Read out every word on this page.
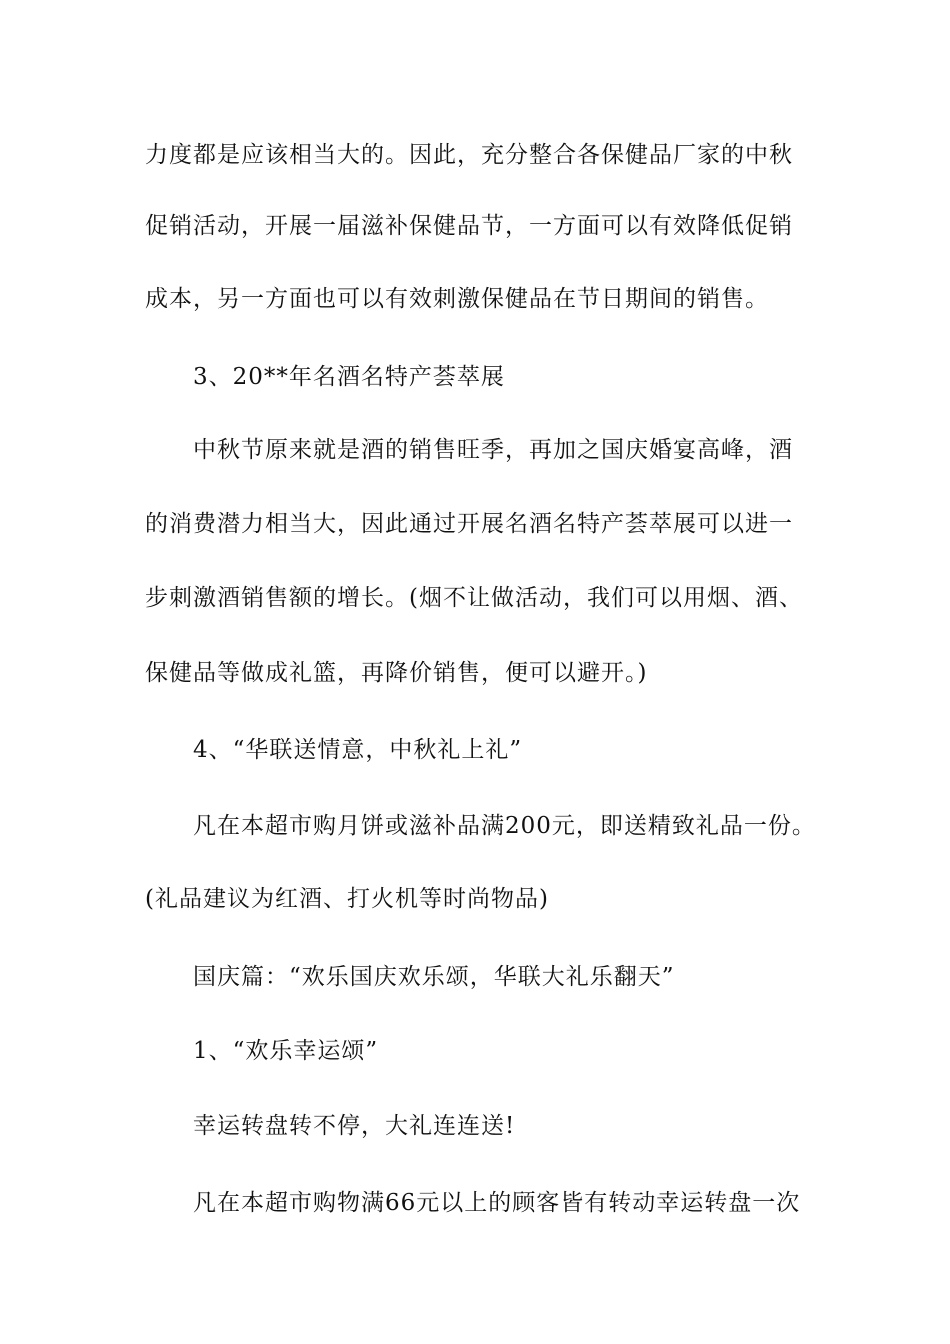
力度都是应该相当大的。因此，充分整合各保健品厂家的中秋
促销活动，开展一届滋补保健品节，一方面可以有效降低促销
成本，另一方面也可以有效刺激保健品在节日期间的销售。
3、20**年名酒名特产荟萃展
中秋节原来就是酒的销售旺季，再加之国庆婚宴高峰，酒
的消费潜力相当大，因此通过开展名酒名特产荟萃展可以进一
步刺激酒销售额的增长。(烟不让做活动，我们可以用烟、酒、
保健品等做成礼篮，再降价销售，便可以避开。)
4、“华联送情意，中秋礼上礼”
凡在本超市购月饼或滋补品满200元，即送精致礼品一份。
(礼品建议为红酒、打火机等时尚物品)
国庆篇：“欢乐国庆欢乐颂，华联大礼乐翻天”
1、“欢乐幸运颂”
幸运转盘转不停，大礼连连送!
凡在本超市购物满66元以上的顾客皆有转动幸运转盘一次
